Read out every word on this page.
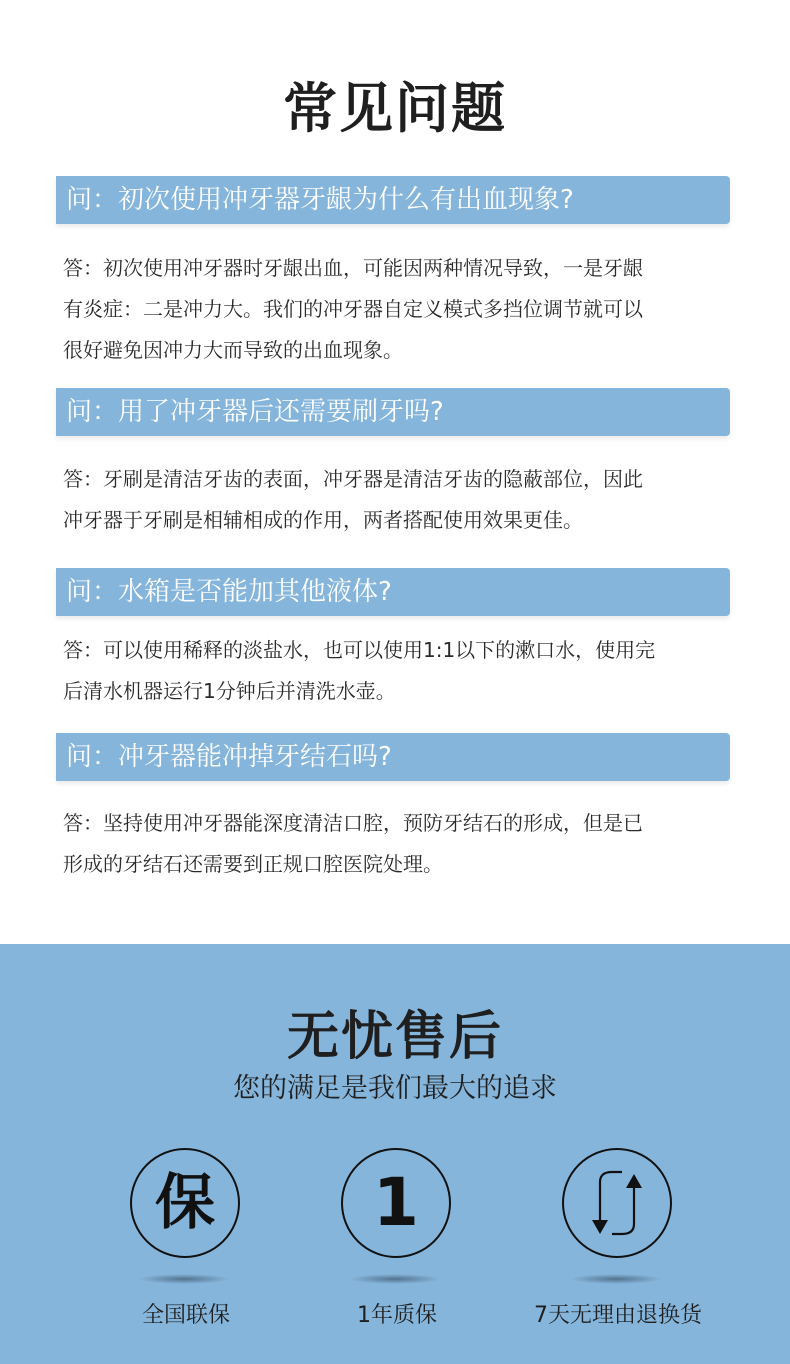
常见问题
问：初次使用冲牙器牙龈为什么有出血现象?
答：初次使用冲牙器时牙龈出血，可能因两种情况导致，一是牙龈
有炎症：二是冲力大。我们的冲牙器自定义模式多挡位调节就可以
很好避免因冲力大而导致的出血现象。
问：用了冲牙器后还需要刷牙吗?
答：牙刷是清洁牙齿的表面，冲牙器是清洁牙齿的隐蔽部位，因此
冲牙器于牙刷是相辅相成的作用，两者搭配使用效果更佳。
问：水箱是否能加其他液体?
答：可以使用稀释的淡盐水，也可以使用1:1以下的漱口水，使用完
后清水机器运行1分钟后并清洗水壶。
问：冲牙器能冲掉牙结石吗?
答：坚持使用冲牙器能深度清洁口腔，预防牙结石的形成，但是已
形成的牙结石还需要到正规口腔医院处理。
无忧售后
您的满足是我们最大的追求
保
全国联保
1
1年质保	7天无理由退换货
